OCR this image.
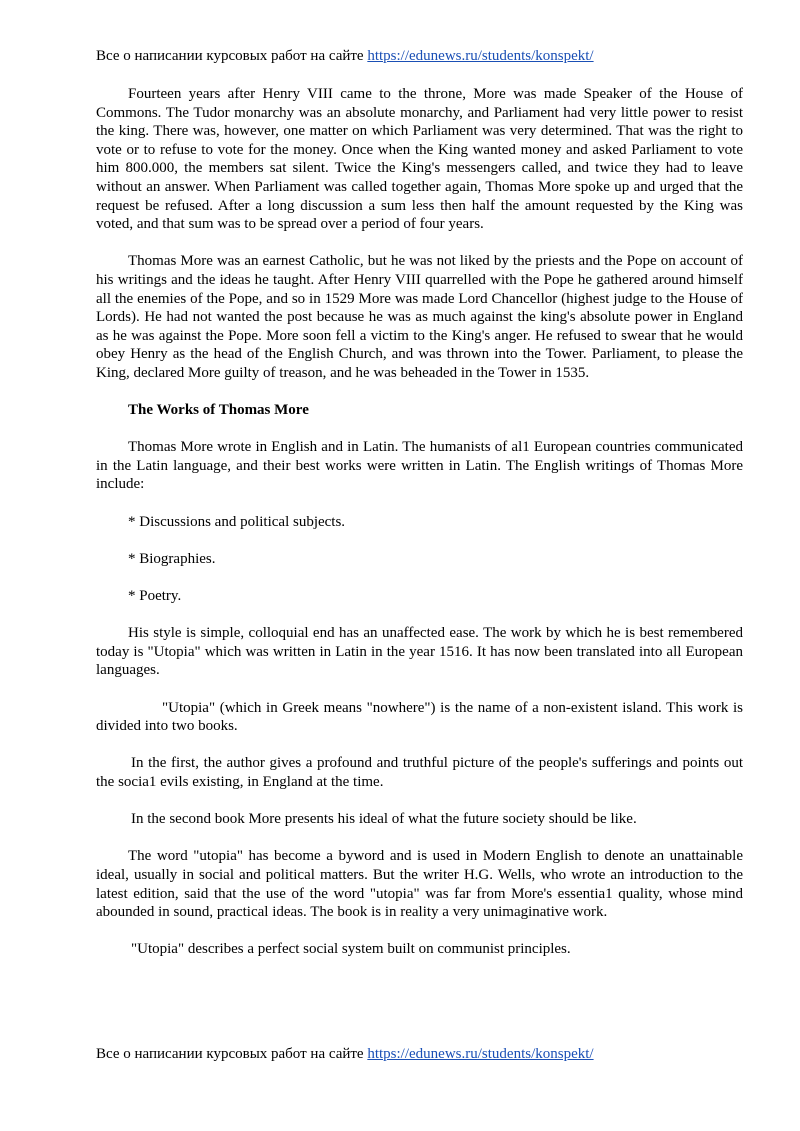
Все о написании курсовых работ на сайте https://edunews.ru/students/konspekt/

Fourteen years after Henry VIII came to the throne, More was made Speaker of the House of Commons. The Tudor monarchy was an absolute monarchy, and Parliament had very little power to resist the king. There was, however, one matter on which Parliament was very determined. That was the right to vote or to refuse to vote for the money. Once when the King wanted money and asked Parliament to vote him 800.000, the members sat silent. Twice the King's messengers called, and twice they had to leave without an answer. When Parliament was called together again, Thomas More spoke up and urged that the request be refused. After a long discussion a sum less then half the amount requested by the King was voted, and that sum was to be spread over a period of four years.

Thomas More was an earnest Catholic, but he was not liked by the priests and the Pope on account of his writings and the ideas he taught. After Henry VIII quarrelled with the Pope he gathered around himself all the enemies of the Pope, and so in 1529 More was made Lord Chancellor (highest judge to the House of Lords). He had not wanted the post because he was as much against the king's absolute power in England as he was against the Pope. More soon fell a victim to the King's anger. He refused to swear that he would obey Henry as the head of the English Church, and was thrown into the Tower. Parliament, to please the King, declared More guilty of treason, and he was beheaded in the Tower in 1535.

The Works of Thomas More

Thomas More wrote in English and in Latin. The humanists of al1 European countries communicated in the Latin language, and their best works were written in Latin. The English writings of Thomas More include:

* Discussions and political subjects.

* Biographies.

* Poetry.

His style is simple, colloquial end has an unaffected ease. The work by which he is best remembered today is "Utopia" which was written in Latin in the year 1516. It has now been translated into all European languages.

"Utopia" (which in Greek means "nowhere") is the name of a non-existent island. This work is divided into two books.

In the first, the author gives a profound and truthful picture of the people's sufferings and points out the socia1 evils existing, in England at the time.

In the second book More presents his ideal of what the future society should be like.

The word "utopia" has become a byword and is used in Modern English to denote an unattainable ideal, usually in social and political matters. But the writer H.G. Wells, who wrote an introduction to the latest edition, said that the use of the word "utopia" was far from More's essentia1 quality, whose mind abounded in sound, practical ideas. The book is in reality a very unimaginative work.

"Utopia" describes a perfect social system built on communist principles.

Все о написании курсовых работ на сайте https://edunews.ru/students/konspekt/
